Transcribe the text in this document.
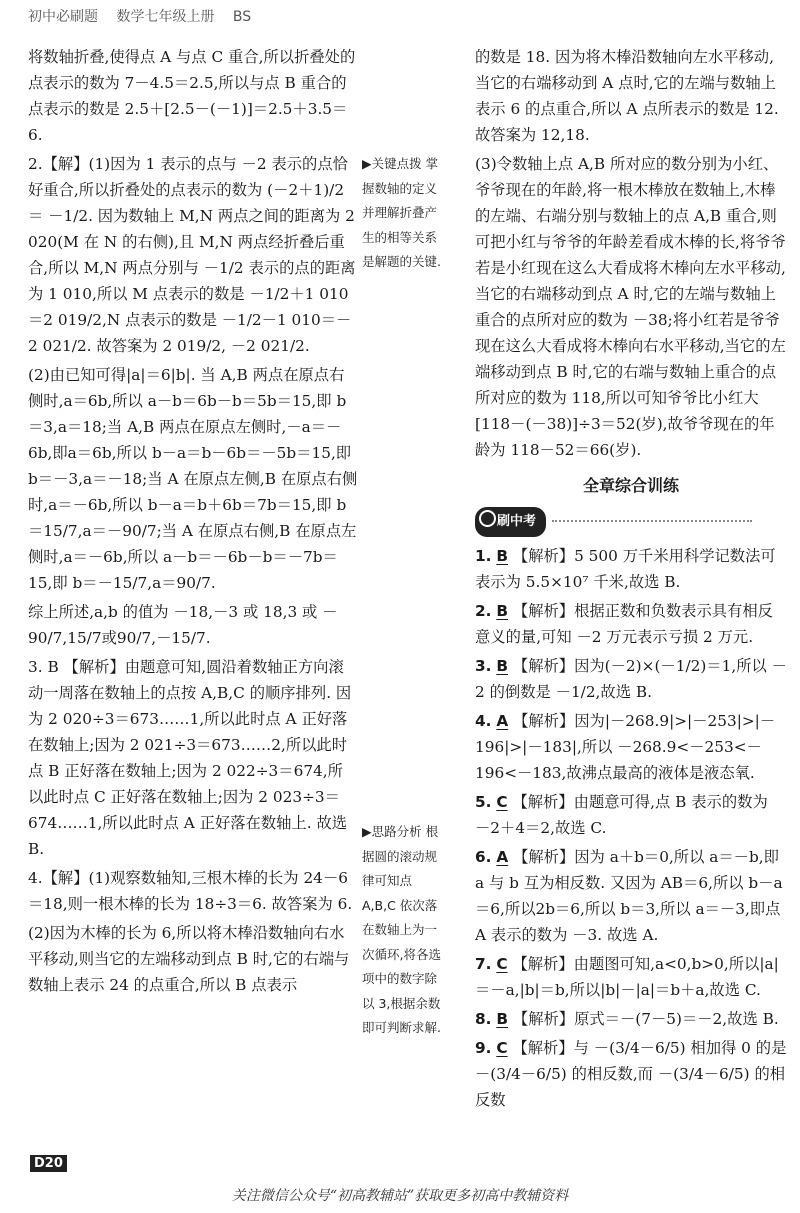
初中必刷题 数学七年级上册 BS

将数轴折叠,使得点 A 与点 C 重合,所以折叠处的点表示的数为 7－4.5＝2.5,所以与点 B 重合的点表示的数是 2.5＋[2.5－(－1)]＝2.5＋3.5＝6.

2.【解】(1)因为 1 表示的点与 －2 表示的点恰好重合,所以折叠处的点表示的数为 (－2＋1)/2 ＝ －1/2. 因为数轴上 M,N 两点之间的距离为 2 020(M 在 N 的右侧),且 M,N 两点经折叠后重合,所以 M,N 两点分别与 －1/2 表示的点的距离为 1 010,所以 M 点表示的数是 －1/2＋1 010＝2 019/2,N 点表示的数是 －1/2－1 010＝－2 021/2. 故答案为 2 019/2, －2 021/2.

(2)由已知可得|a|＝6|b|. 当 A,B 两点在原点右侧时,a＝6b,所以 a－b＝6b－b＝5b＝15,即 b＝3,a＝18;当 A,B 两点在原点左侧时,－a＝－6b,即a＝6b,所以 b－a＝b－6b＝－5b＝15,即 b＝－3,a＝－18;当 A 在原点左侧,B 在原点右侧时,a＝－6b,所以 b－a＝b＋6b＝7b＝15,即 b＝15/7,a＝－90/7;当 A 在原点右侧,B 在原点左侧时,a＝－6b,所以 a－b＝－6b－b＝－7b＝15,即 b＝－15/7,a＝90/7.

综上所述,a,b 的值为 －18,－3 或 18,3 或 －90/7,15/7或90/7,－15/7.

3. B 【解析】由题意可知,圆沿着数轴正方向滚动一周落在数轴上的点按 A,B,C 的顺序排列. 因为 2 020÷3＝673……1,所以此时点 A 正好落在数轴上;因为 2 021÷3＝673……2,所以此时点 B 正好落在数轴上;因为 2 022÷3＝674,所以此时点 C 正好落在数轴上;因为 2 023÷3＝674……1,所以此时点 A 正好落在数轴上. 故选 B.

4.【解】(1)观察数轴知,三根木棒的长为 24－6＝18,则一根木棒的长为 18÷3＝6. 故答案为 6.

(2)因为木棒的长为 6,所以将木棒沿数轴向右水平移动,则当它的左端移动到点 B 时,它的右端与数轴上表示 24 的点重合,所以 B 点表示

▶关键点拨 掌握数轴的定义并理解折叠产生的相等关系是解题的关键.
▶思路分析 根据圆的滚动规律可知点 A,B,C 依次落在数轴上为一次循环,将各选项中的数字除以 3,根据余数即可判断求解.

的数是 18. 因为将木棒沿数轴向左水平移动,当它的右端移动到 A 点时,它的左端与数轴上表示 6 的点重合,所以 A 点所表示的数是 12. 故答案为 12,18.

(3)令数轴上点 A,B 所对应的数分别为小红、爷爷现在的年龄,将一根木棒放在数轴上,木棒的左端、右端分别与数轴上的点 A,B 重合,则可把小红与爷爷的年龄差看成木棒的长,将爷爷若是小红现在这么大看成将木棒向左水平移动,当它的右端移动到点 A 时,它的左端与数轴上重合的点所对应的数为 －38;将小红若是爷爷现在这么大看成将木棒向右水平移动,当它的左端移动到点 B 时,它的右端与数轴上重合的点所对应的数为 118,所以可知爷爷比小红大[118－(－38)]÷3＝52(岁),故爷爷现在的年龄为 118－52＝66(岁).

全章综合训练
刷中考

1. B 【解析】5 500 万千米用科学记数法可表示为 5.5×10⁷ 千米,故选 B.

2. B 【解析】根据正数和负数表示具有相反意义的量,可知 －2 万元表示亏损 2 万元.

3. B 【解析】因为(－2)×(－1/2)＝1,所以 －2 的倒数是 －1/2,故选 B.

4. A 【解析】因为|－268.9|>|－253|>|－196|>|－183|,所以 －268.9<－253<－196<－183,故沸点最高的液体是液态氧.

5. C 【解析】由题意可得,点 B 表示的数为 －2＋4＝2,故选 C.

6. A 【解析】因为 a＋b＝0,所以 a＝－b,即 a 与 b 互为相反数. 又因为 AB＝6,所以 b－a＝6,所以2b＝6,所以 b＝3,所以 a＝－3,即点 A 表示的数为 －3. 故选 A.

7. C 【解析】由题图可知,a<0,b>0,所以|a|＝－a,|b|＝b,所以|b|－|a|＝b＋a,故选 C.

8. B 【解析】原式＝－(7－5)＝－2,故选 B.

9. C 【解析】与 －(3/4－6/5) 相加得 0 的是 －(3/4－6/5) 的相反数,而 －(3/4－6/5) 的相反数

D20
关注微信公众号“初高教辅站”获取更多初高中教辅资料
